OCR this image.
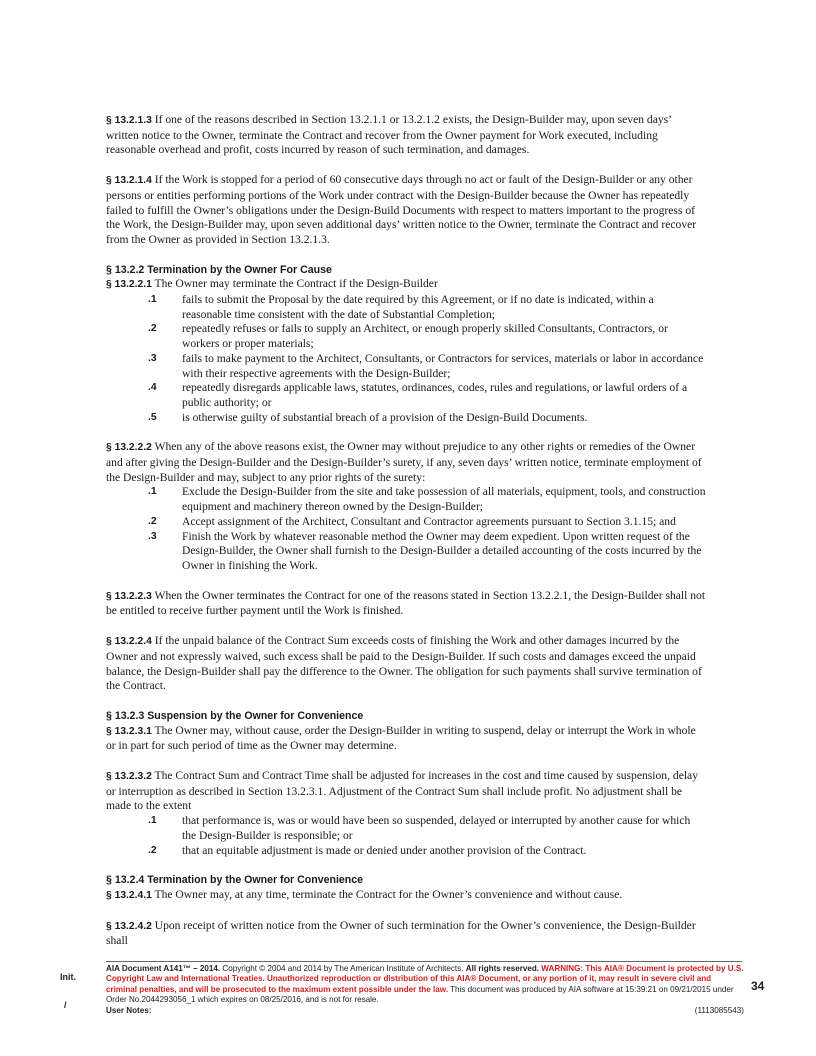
§ 13.2.1.3 If one of the reasons described in Section 13.2.1.1 or 13.2.1.2 exists, the Design-Builder may, upon seven days’ written notice to the Owner, terminate the Contract and recover from the Owner payment for Work executed, including reasonable overhead and profit, costs incurred by reason of such termination, and damages.

§ 13.2.1.4 If the Work is stopped for a period of 60 consecutive days through no act or fault of the Design-Builder or any other persons or entities performing portions of the Work under contract with the Design-Builder because the Owner has repeatedly failed to fulfill the Owner’s obligations under the Design-Build Documents with respect to matters important to the progress of the Work, the Design-Builder may, upon seven additional days’ written notice to the Owner, terminate the Contract and recover from the Owner as provided in Section 13.2.1.3.

§ 13.2.2 Termination by the Owner For Cause

§ 13.2.2.1 The Owner may terminate the Contract if the Design-Builder

.1 fails to submit the Proposal by the date required by this Agreement, or if no date is indicated, within a reasonable time consistent with the date of Substantial Completion;
.2 repeatedly refuses or fails to supply an Architect, or enough properly skilled Consultants, Contractors, or workers or proper materials;
.3 fails to make payment to the Architect, Consultants, or Contractors for services, materials or labor in accordance with their respective agreements with the Design-Builder;
.4 repeatedly disregards applicable laws, statutes, ordinances, codes, rules and regulations, or lawful orders of a public authority; or
.5 is otherwise guilty of substantial breach of a provision of the Design-Build Documents.

§ 13.2.2.2 When any of the above reasons exist, the Owner may without prejudice to any other rights or remedies of the Owner and after giving the Design-Builder and the Design-Builder’s surety, if any, seven days’ written notice, terminate employment of the Design-Builder and may, subject to any prior rights of the surety:

.1 Exclude the Design-Builder from the site and take possession of all materials, equipment, tools, and construction equipment and machinery thereon owned by the Design-Builder;
.2 Accept assignment of the Architect, Consultant and Contractor agreements pursuant to Section 3.1.15; and
.3 Finish the Work by whatever reasonable method the Owner may deem expedient. Upon written request of the Design-Builder, the Owner shall furnish to the Design-Builder a detailed accounting of the costs incurred by the Owner in finishing the Work.

§ 13.2.2.3 When the Owner terminates the Contract for one of the reasons stated in Section 13.2.2.1, the Design-Builder shall not be entitled to receive further payment until the Work is finished.

§ 13.2.2.4 If the unpaid balance of the Contract Sum exceeds costs of finishing the Work and other damages incurred by the Owner and not expressly waived, such excess shall be paid to the Design-Builder. If such costs and damages exceed the unpaid balance, the Design-Builder shall pay the difference to the Owner. The obligation for such payments shall survive termination of the Contract.

§ 13.2.3 Suspension by the Owner for Convenience

§ 13.2.3.1 The Owner may, without cause, order the Design-Builder in writing to suspend, delay or interrupt the Work in whole or in part for such period of time as the Owner may determine.

§ 13.2.3.2 The Contract Sum and Contract Time shall be adjusted for increases in the cost and time caused by suspension, delay or interruption as described in Section 13.2.3.1. Adjustment of the Contract Sum shall include profit. No adjustment shall be made to the extent

.1 that performance is, was or would have been so suspended, delayed or interrupted by another cause for which the Design-Builder is responsible; or
.2 that an equitable adjustment is made or denied under another provision of the Contract.

§ 13.2.4 Termination by the Owner for Convenience

§ 13.2.4.1 The Owner may, at any time, terminate the Contract for the Owner’s convenience and without cause.

§ 13.2.4.2 Upon receipt of written notice from the Owner of such termination for the Owner’s convenience, the Design-Builder shall

Init.
/
AIA Document A141™ – 2014. Copyright © 2004 and 2014 by The American Institute of Architects. All rights reserved. WARNING: This AIA® Document is protected by U.S. Copyright Law and International Treaties. Unauthorized reproduction or distribution of this AIA® Document, or any portion of it, may result in severe civil and criminal penalties, and will be prosecuted to the maximum extent possible under the law. This document was produced by AIA software at 15:39:21 on 09/21/2015 under Order No.2044293056_1 which expires on 08/25/2016, and is not for resale.
User Notes:	(1113085543)
34
